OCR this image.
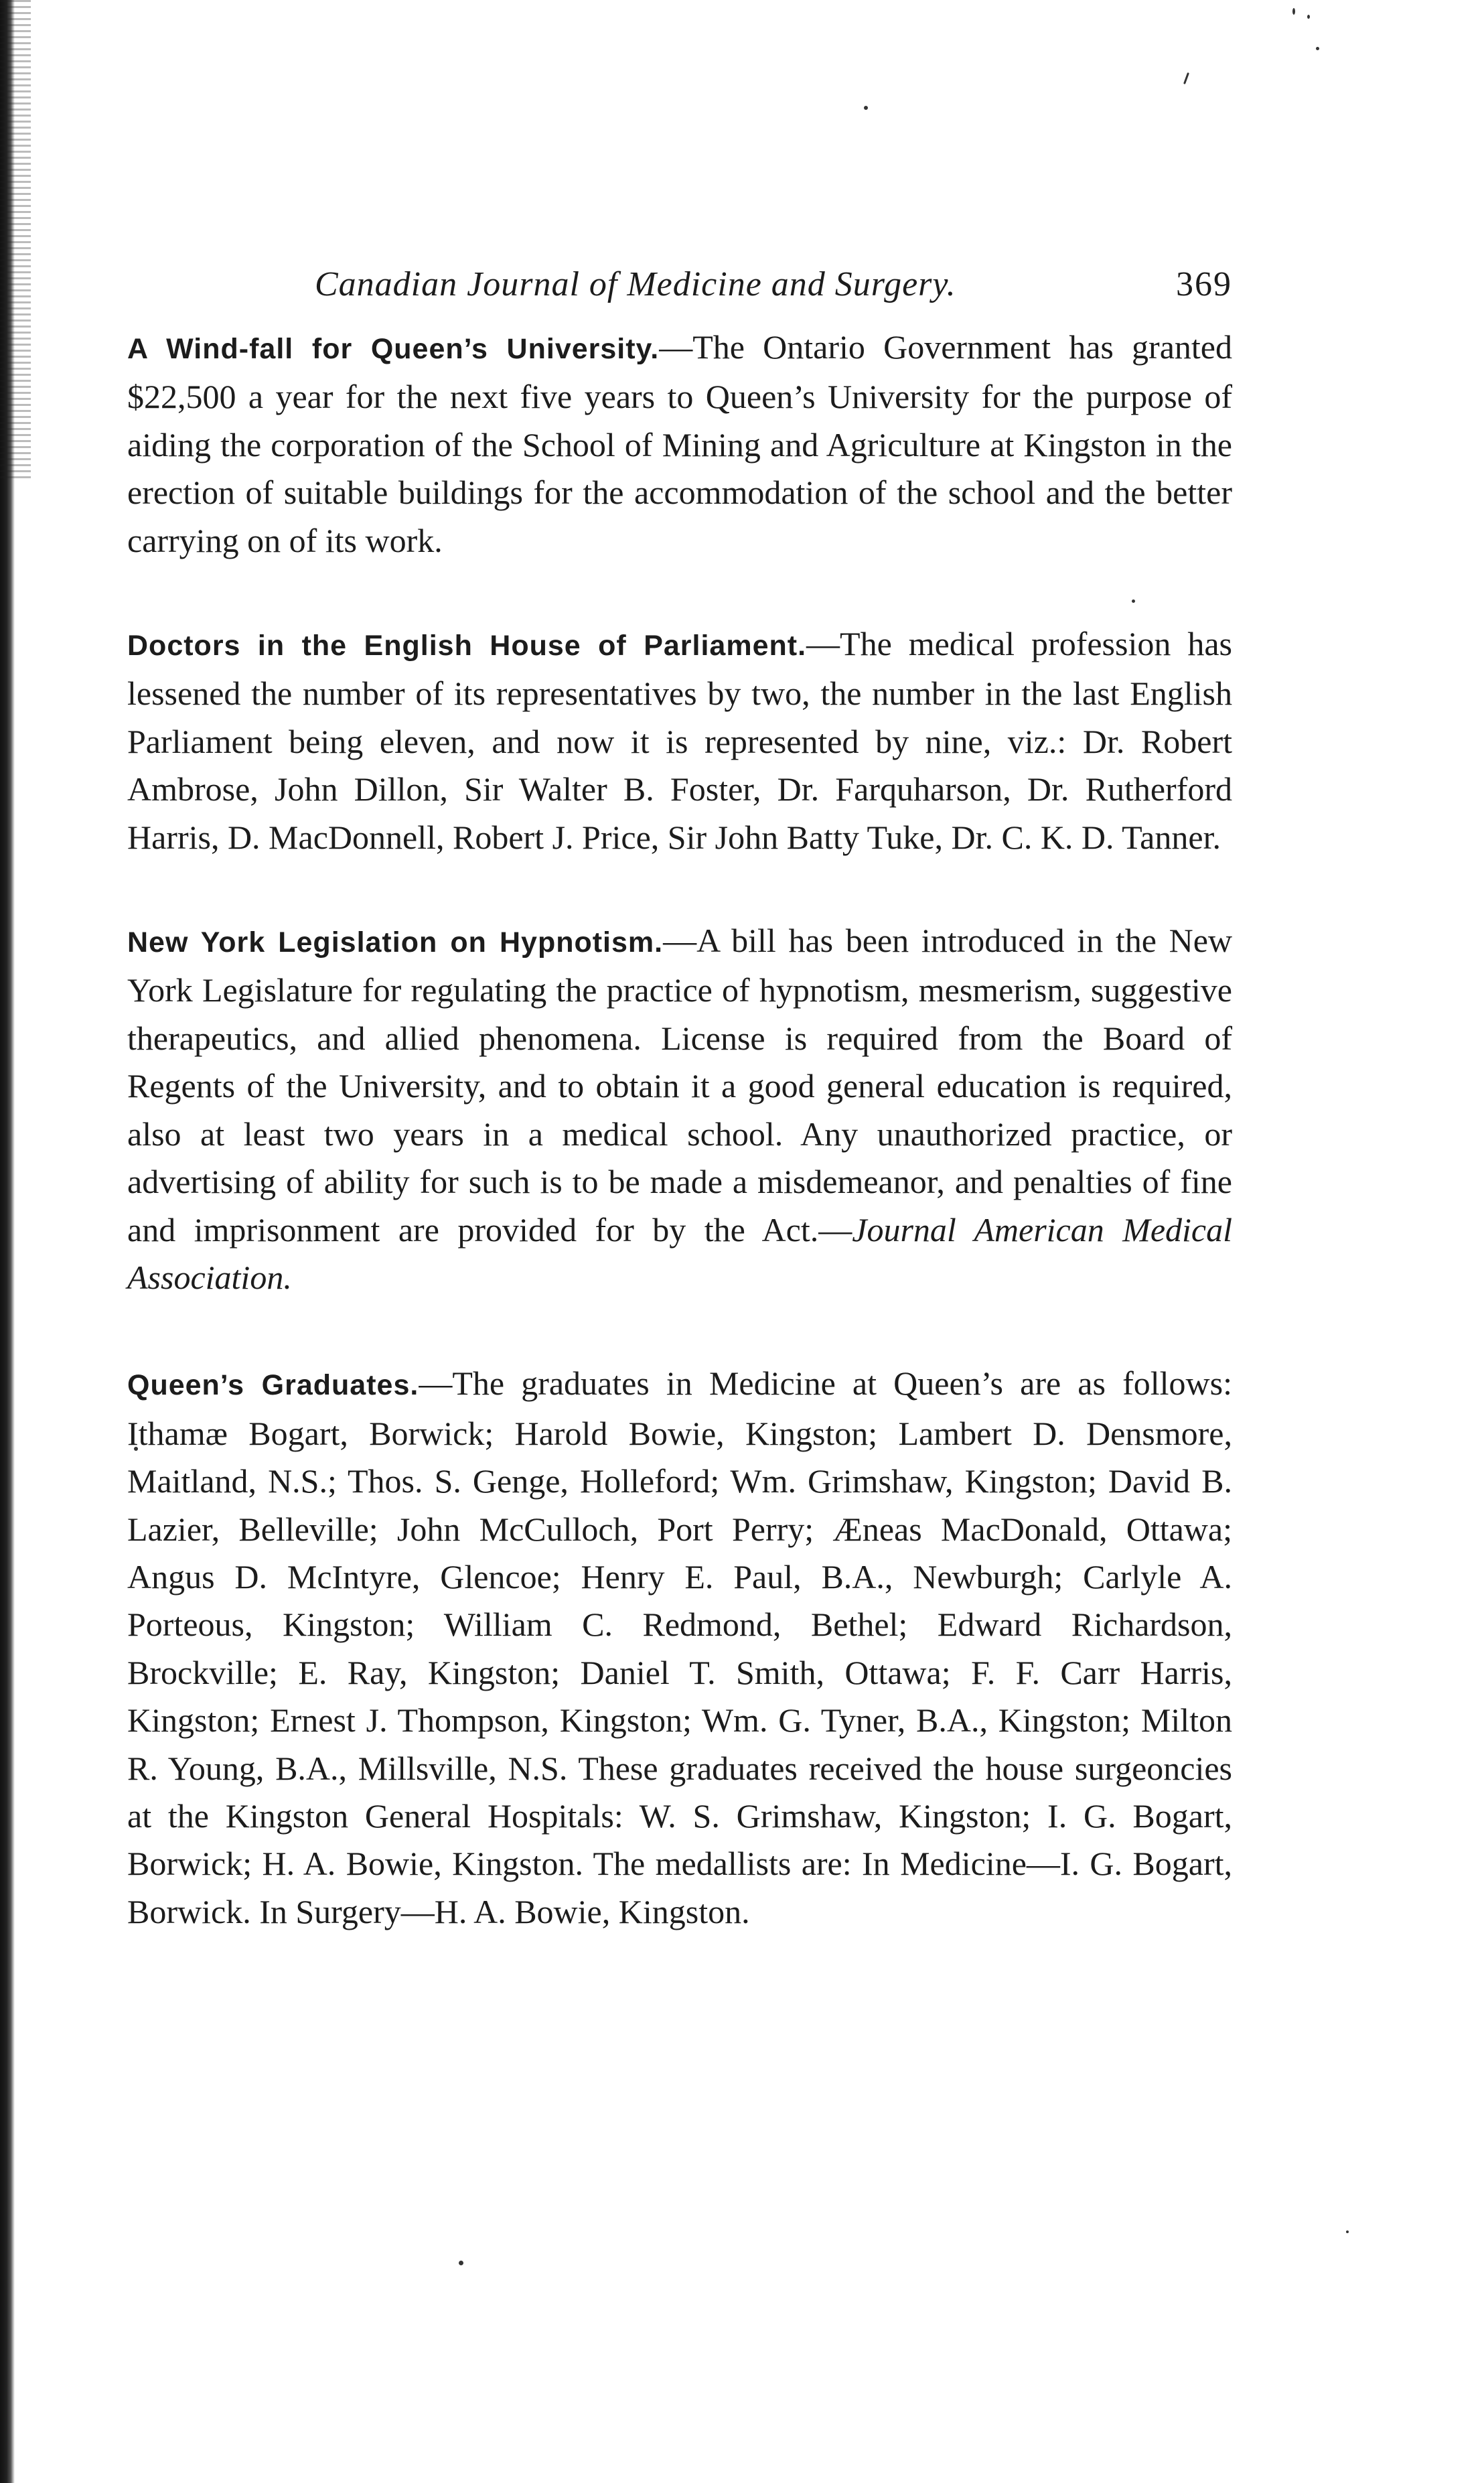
Canadian Journal of Medicine and Surgery.	369

A Wind-fall for Queen’s University.—The Ontario Government has granted $22,500 a year for the next five years to Queen’s University for the purpose of aiding the corporation of the School of Mining and Agriculture at Kingston in the erection of suitable buildings for the accommodation of the school and the better carrying on of its work.

Doctors in the English House of Parliament.—The medical profession has lessened the number of its representatives by two, the number in the last English Parliament being eleven, and now it is represented by nine, viz.: Dr. Robert Ambrose, John Dillon, Sir Walter B. Foster, Dr. Farquharson, Dr. Rutherford Harris, D. MacDonnell, Robert J. Price, Sir John Batty Tuke, Dr. C. K. D. Tanner.

New York Legislation on Hypnotism.—A bill has been introduced in the New York Legislature for regulating the practice of hypnotism, mesmerism, suggestive therapeutics, and allied phenomena. License is required from the Board of Regents of the University, and to obtain it a good general education is required, also at least two years in a medical school. Any unauthorized practice, or advertising of ability for such is to be made a misdemeanor, and penalties of fine and imprisonment are provided for by the Act.—Journal American Medical Association.

Queen’s Graduates.—The graduates in Medicine at Queen’s are as follows: Ithamæ Bogart, Borwick; Harold Bowie, Kingston; Lambert D. Densmore, Maitland, N.S.; Thos. S. Genge, Holleford; Wm. Grimshaw, Kingston; David B. Lazier, Belleville; John McCulloch, Port Perry; Æneas MacDonald, Ottawa; Angus D. McIntyre, Glencoe; Henry E. Paul, B.A., Newburgh; Carlyle A. Porteous, Kingston; William C. Redmond, Bethel; Edward Richardson, Brockville; E. Ray, Kingston; Daniel T. Smith, Ottawa; F. F. Carr Harris, Kingston; Ernest J. Thompson, Kingston; Wm. G. Tyner, B.A., Kingston; Milton R. Young, B.A., Millsville, N.S. These graduates received the house surgeoncies at the Kingston General Hospitals: W. S. Grimshaw, Kingston; I. G. Bogart, Borwick; H. A. Bowie, Kingston. The medallists are: In Medicine—I. G. Bogart, Borwick. In Surgery—H. A. Bowie, Kingston.
